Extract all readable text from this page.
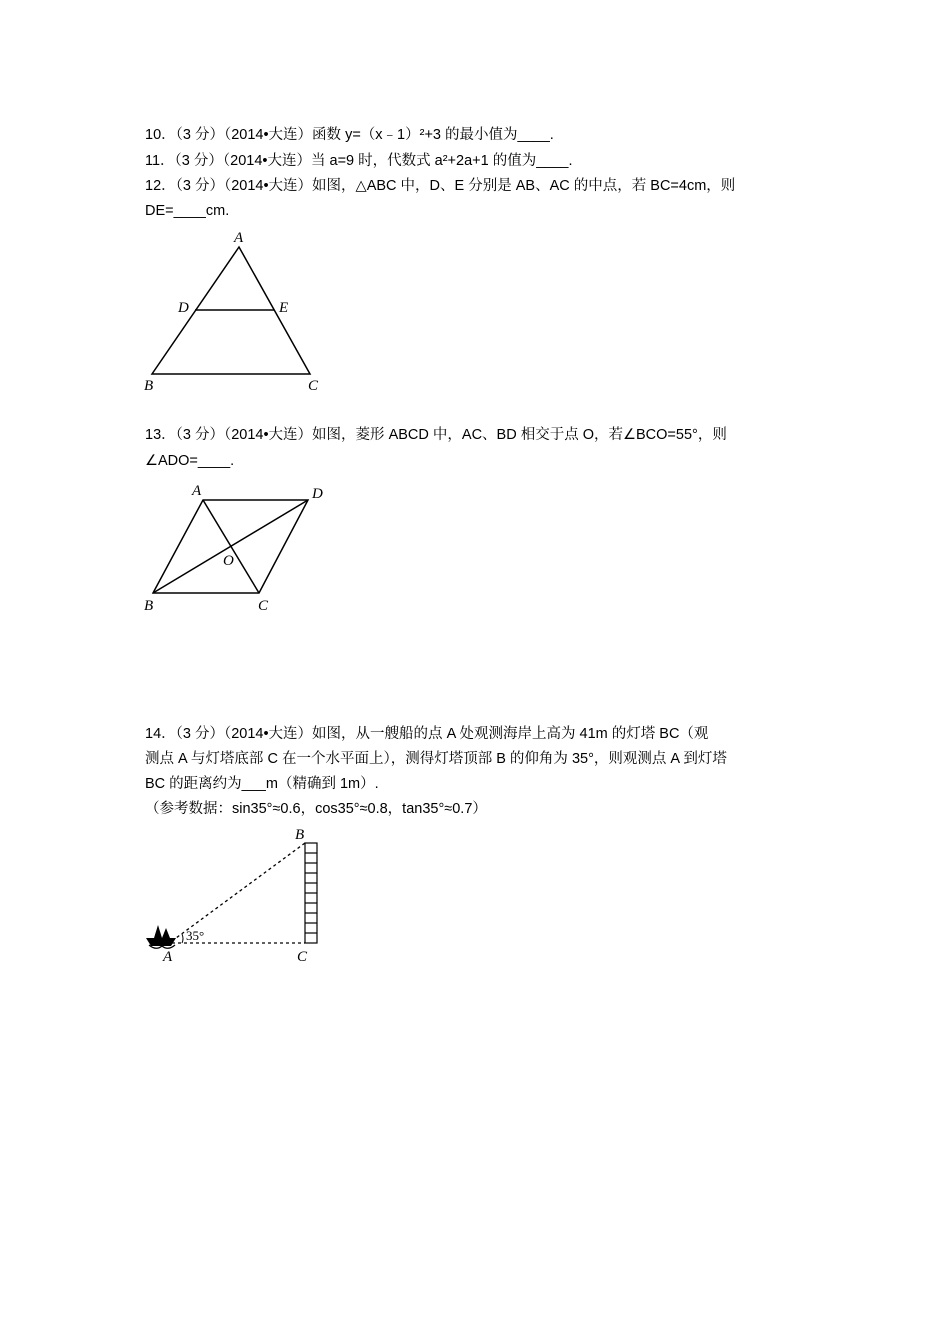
10．（3 分）（2014•大连）函数 y=（x﹣1）²+3 的最小值为____.
11．（3 分）（2014•大连）当 a=9 时，代数式 a²+2a+1 的值为____.
12．（3 分）（2014•大连）如图，△ABC 中，D、E 分别是 AB、AC 的中点，若 BC=4cm，则
DE=____cm.
A
D	E
B	C
13．（3 分）（2014•大连）如图，菱形 ABCD 中，AC、BD 相交于点 O，若∠BCO=55°，则
∠ADO=____.
A	D
O
B	C
14．（3 分）（2014•大连）如图，从一艘船的点 A 处观测海岸上高为 41m 的灯塔 BC（观
测点 A 与灯塔底部 C 在一个水平面上），测得灯塔顶部 B 的仰角为 35°，则观测点 A 到灯塔
BC 的距离约为___m（精确到 1m）.
（参考数据：sin35°≈0.6，cos35°≈0.8，tan35°≈0.7）
35°
B
A	C
